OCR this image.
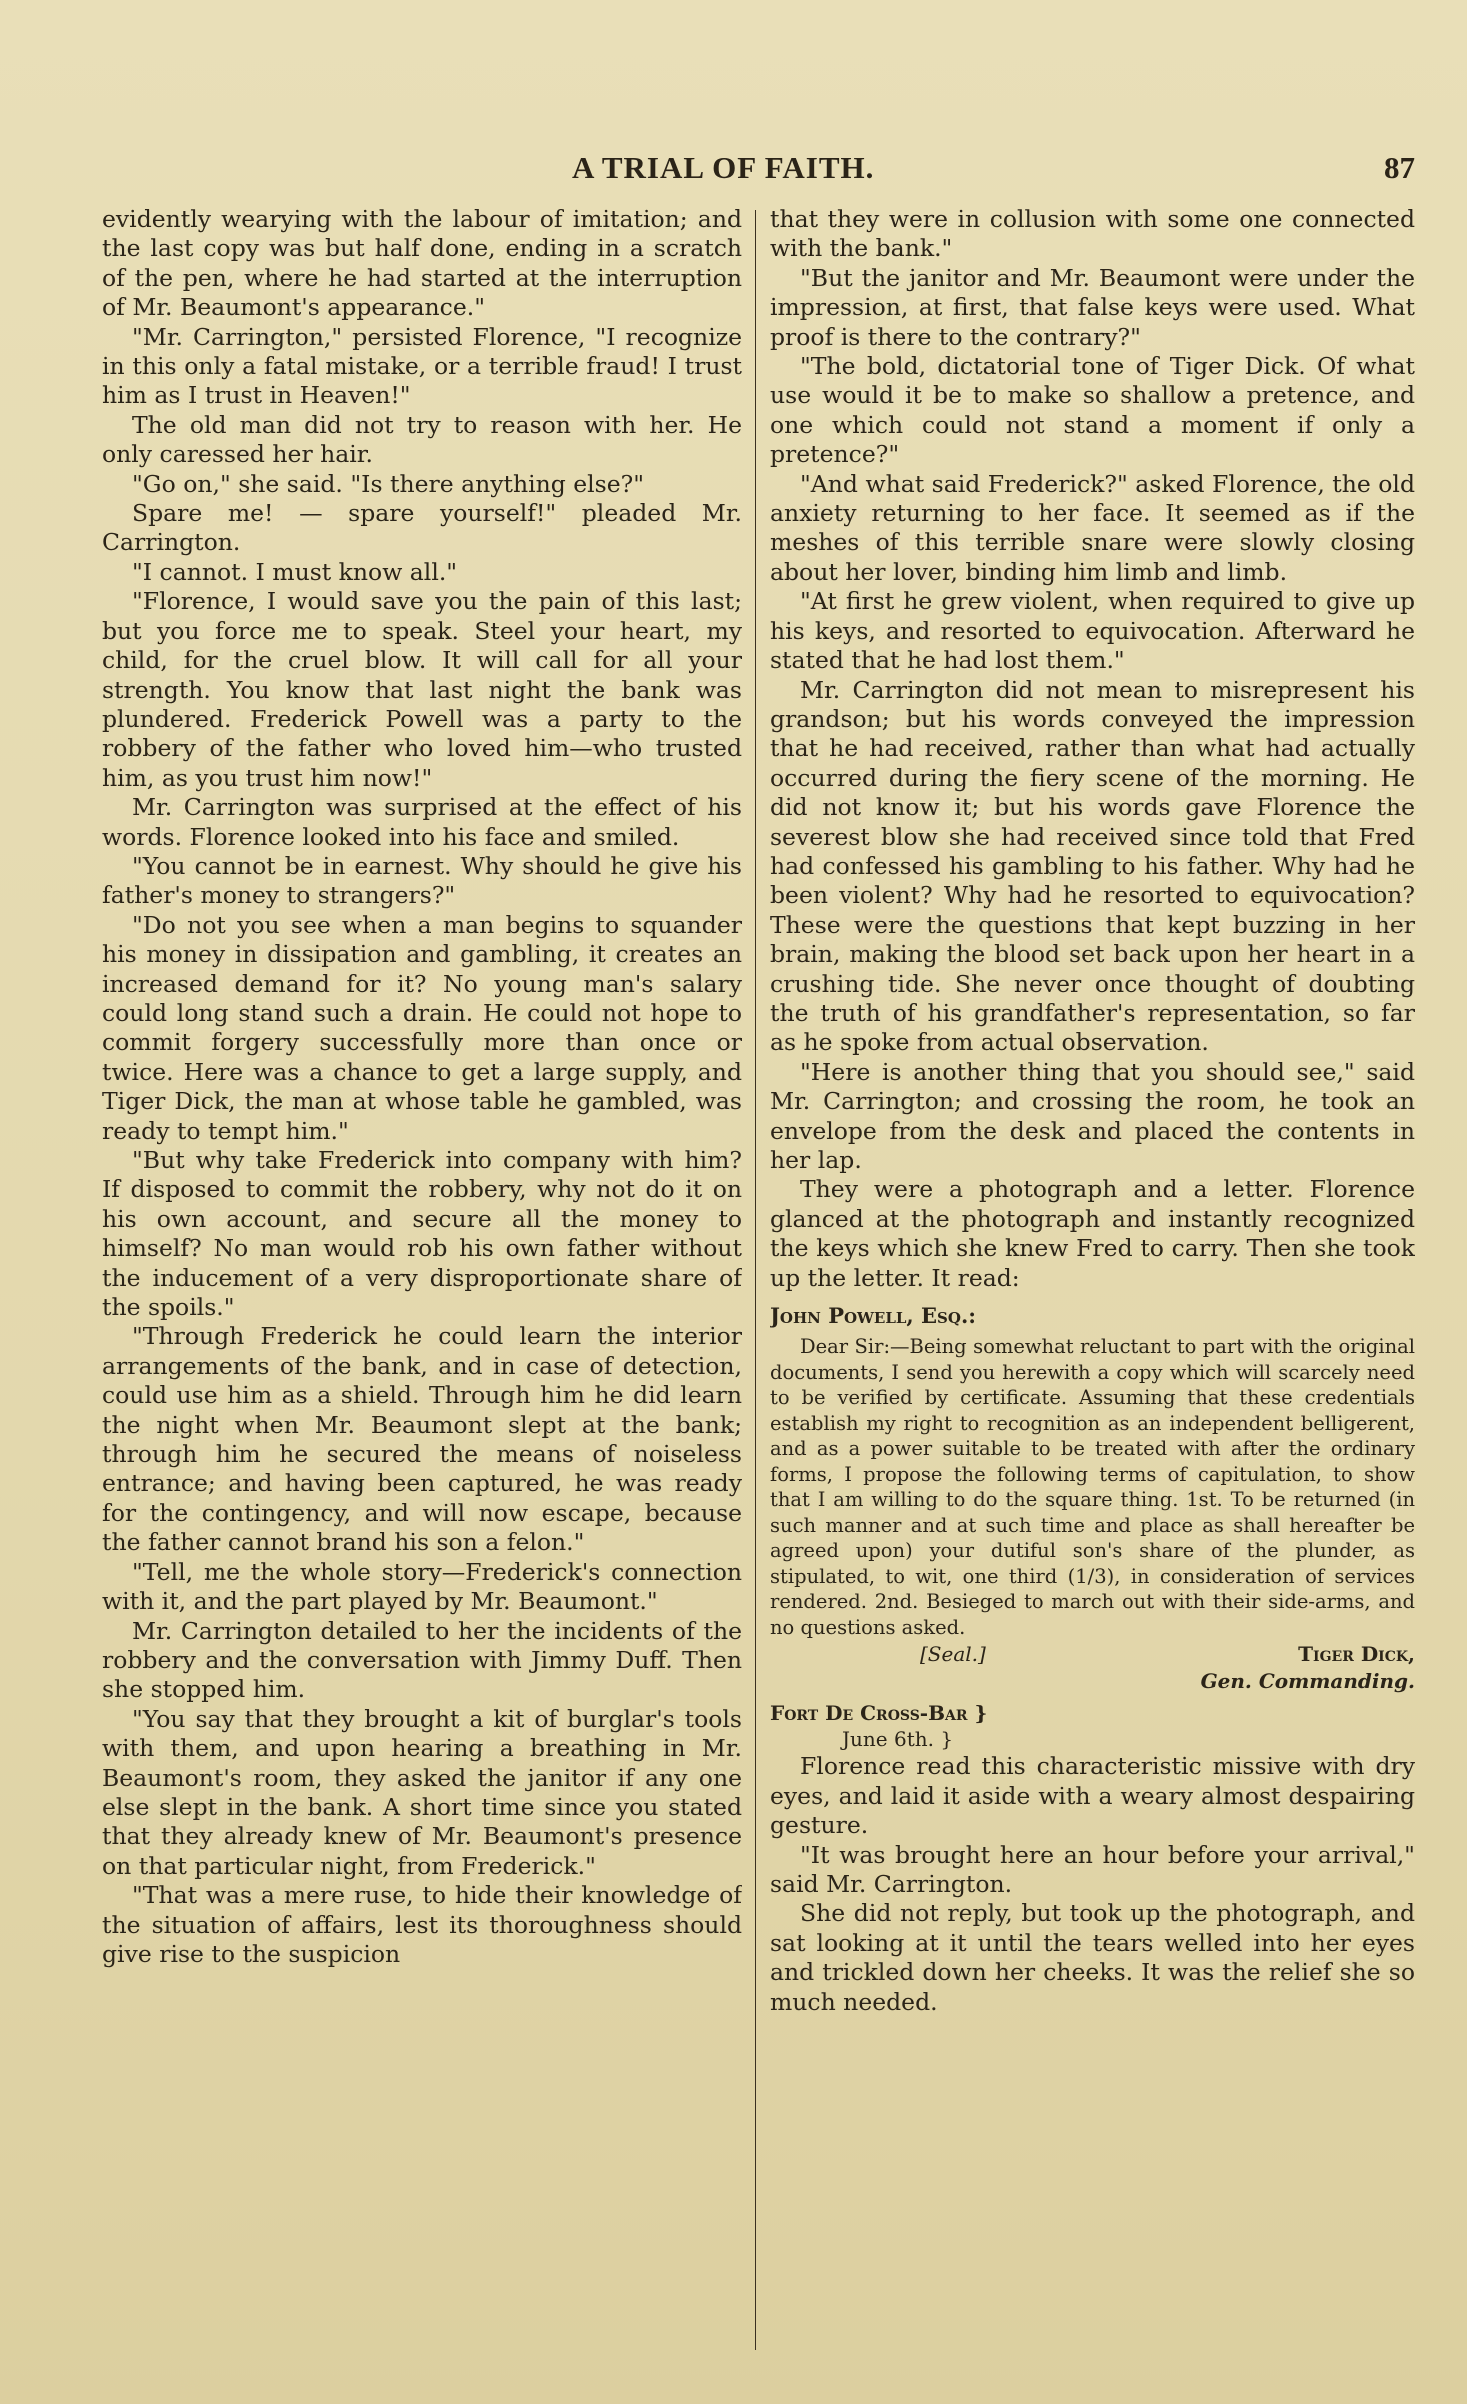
A TRIAL OF FAITH.	87

evidently wearying with the labour of imitation; and the last copy was but half done, ending in a scratch of the pen, where he had started at the interruption of Mr. Beaumont's appearance."

"Mr. Carrington," persisted Florence, "I recognize in this only a fatal mistake, or a terrible fraud! I trust him as I trust in Heaven!"

The old man did not try to reason with her. He only caressed her hair.

"Go on," she said. "Is there anything else?"

Spare me! — spare yourself!" pleaded Mr. Carrington.

"I cannot. I must know all."

"Florence, I would save you the pain of this last; but you force me to speak. Steel your heart, my child, for the cruel blow. It will call for all your strength. You know that last night the bank was plundered. Frederick Powell was a party to the robbery of the father who loved him—who trusted him, as you trust him now!"

Mr. Carrington was surprised at the effect of his words. Florence looked into his face and smiled.

"You cannot be in earnest. Why should he give his father's money to strangers?"

"Do not you see when a man begins to squander his money in dissipation and gambling, it creates an increased demand for it? No young man's salary could long stand such a drain. He could not hope to commit forgery successfully more than once or twice. Here was a chance to get a large supply, and Tiger Dick, the man at whose table he gambled, was ready to tempt him."

"But why take Frederick into company with him? If disposed to commit the robbery, why not do it on his own account, and secure all the money to himself? No man would rob his own father without the inducement of a very disproportionate share of the spoils."

"Through Frederick he could learn the interior arrangements of the bank, and in case of detection, could use him as a shield. Through him he did learn the night when Mr. Beaumont slept at the bank; through him he secured the means of noiseless entrance; and having been captured, he was ready for the contingency, and will now escape, because the father cannot brand his son a felon."

"Tell, me the whole story—Frederick's connection with it, and the part played by Mr. Beaumont."

Mr. Carrington detailed to her the incidents of the robbery and the conversation with Jimmy Duff. Then she stopped him.

"You say that they brought a kit of burglar's tools with them, and upon hearing a breathing in Mr. Beaumont's room, they asked the janitor if any one else slept in the bank. A short time since you stated that they already knew of Mr. Beaumont's presence on that particular night, from Frederick."

"That was a mere ruse, to hide their knowledge of the situation of affairs, lest its thoroughness should give rise to the suspicion

that they were in collusion with some one connected with the bank."

"But the janitor and Mr. Beaumont were under the impression, at first, that false keys were used. What proof is there to the contrary?"

"The bold, dictatorial tone of Tiger Dick. Of what use would it be to make so shallow a pretence, and one which could not stand a moment if only a pretence?"

"And what said Frederick?" asked Florence, the old anxiety returning to her face. It seemed as if the meshes of this terrible snare were slowly closing about her lover, binding him limb and limb.

"At first he grew violent, when required to give up his keys, and resorted to equivocation. Afterward he stated that he had lost them."

Mr. Carrington did not mean to misrepresent his grandson; but his words conveyed the impression that he had received, rather than what had actually occurred during the fiery scene of the morning. He did not know it; but his words gave Florence the severest blow she had received since told that Fred had confessed his gambling to his father. Why had he been violent? Why had he resorted to equivocation? These were the questions that kept buzzing in her brain, making the blood set back upon her heart in a crushing tide. She never once thought of doubting the truth of his grandfather's representation, so far as he spoke from actual observation.

"Here is another thing that you should see," said Mr. Carrington; and crossing the room, he took an envelope from the desk and placed the contents in her lap.

They were a photograph and a letter. Florence glanced at the photograph and instantly recognized the keys which she knew Fred to carry. Then she took up the letter. It read:

John Powell, Esq.:

Dear Sir:—Being somewhat reluctant to part with the original documents, I send you herewith a copy which will scarcely need to be verified by certificate. Assuming that these credentials establish my right to recognition as an independent belligerent, and as a power suitable to be treated with after the ordinary forms, I propose the following terms of capitulation, to show that I am willing to do the square thing. 1st. To be returned (in such manner and at such time and place as shall hereafter be agreed upon) your dutiful son's share of the plunder, as stipulated, to wit, one third (1/3), in consideration of services rendered. 2nd. Besieged to march out with their side-arms, and no questions asked.

[Seal.]	Tiger Dick,
Gen. Commanding.
Fort De Cross-Bar }
June 6th. }

Florence read this characteristic missive with dry eyes, and laid it aside with a weary almost despairing gesture.

"It was brought here an hour before your arrival," said Mr. Carrington.

She did not reply, but took up the photograph, and sat looking at it until the tears welled into her eyes and trickled down her cheeks. It was the relief she so much needed.
